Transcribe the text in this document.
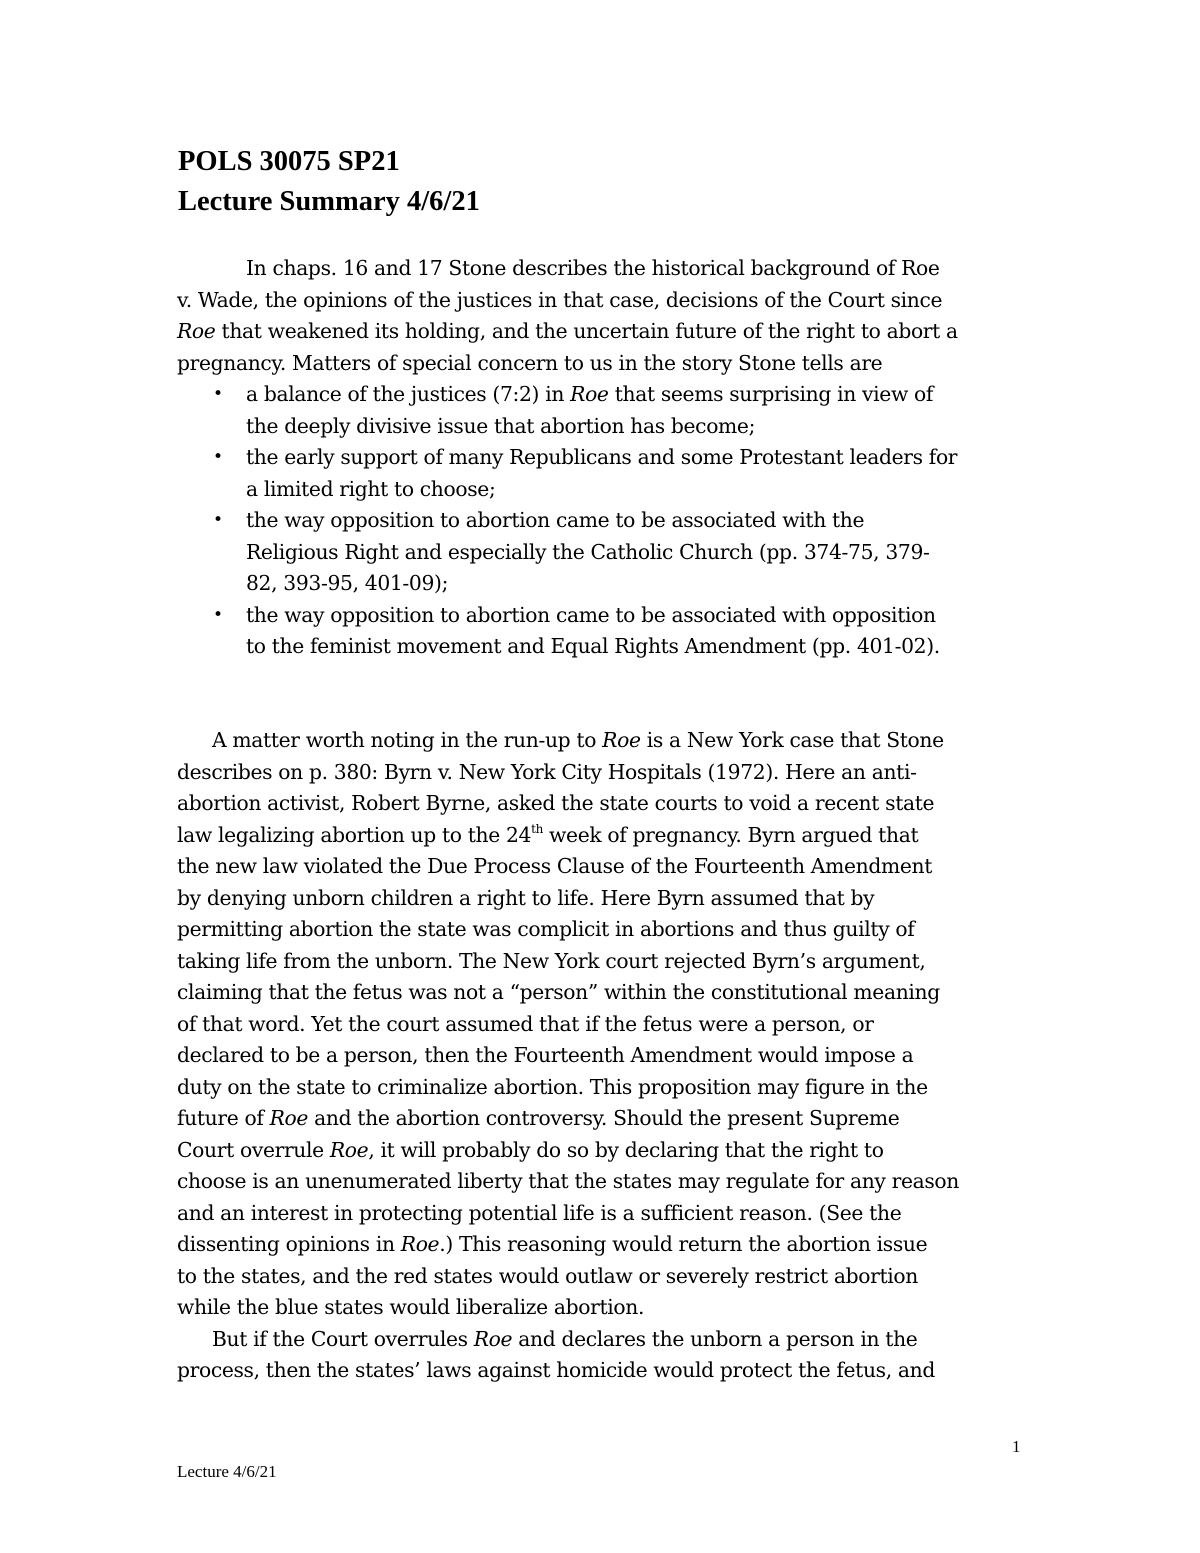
POLS 30075 SP21
Lecture Summary 4/6/21
In chaps. 16 and 17 Stone describes the historical background of Roe
v. Wade, the opinions of the justices in that case, decisions of the Court since
Roe that weakened its holding, and the uncertain future of the right to abort a
pregnancy. Matters of special concern to us in the story Stone tells are
• a balance of the justices (7:2) in Roe that seems surprising in view of
the deeply divisive issue that abortion has become;
• the early support of many Republicans and some Protestant leaders for
a limited right to choose;
• the way opposition to abortion came to be associated with the
Religious Right and especially the Catholic Church (pp. 374-75, 379-
82, 393-95, 401-09);
• the way opposition to abortion came to be associated with opposition
to the feminist movement and Equal Rights Amendment (pp. 401-02).
A matter worth noting in the run-up to Roe is a New York case that Stone
describes on p. 380: Byrn v. New York City Hospitals (1972). Here an anti-
abortion activist, Robert Byrne, asked the state courts to void a recent state
law legalizing abortion up to the 24th week of pregnancy. Byrn argued that
the new law violated the Due Process Clause of the Fourteenth Amendment
by denying unborn children a right to life. Here Byrn assumed that by
permitting abortion the state was complicit in abortions and thus guilty of
taking life from the unborn. The New York court rejected Byrn’s argument,
claiming that the fetus was not a “person” within the constitutional meaning
of that word. Yet the court assumed that if the fetus were a person, or
declared to be a person, then the Fourteenth Amendment would impose a
duty on the state to criminalize abortion. This proposition may figure in the
future of Roe and the abortion controversy. Should the present Supreme
Court overrule Roe, it will probably do so by declaring that the right to
choose is an unenumerated liberty that the states may regulate for any reason
and an interest in protecting potential life is a sufficient reason. (See the
dissenting opinions in Roe.) This reasoning would return the abortion issue
to the states, and the red states would outlaw or severely restrict abortion
while the blue states would liberalize abortion.
But if the Court overrules Roe and declares the unborn a person in the
process, then the states’ laws against homicide would protect the fetus, and
1
Lecture 4/6/21
